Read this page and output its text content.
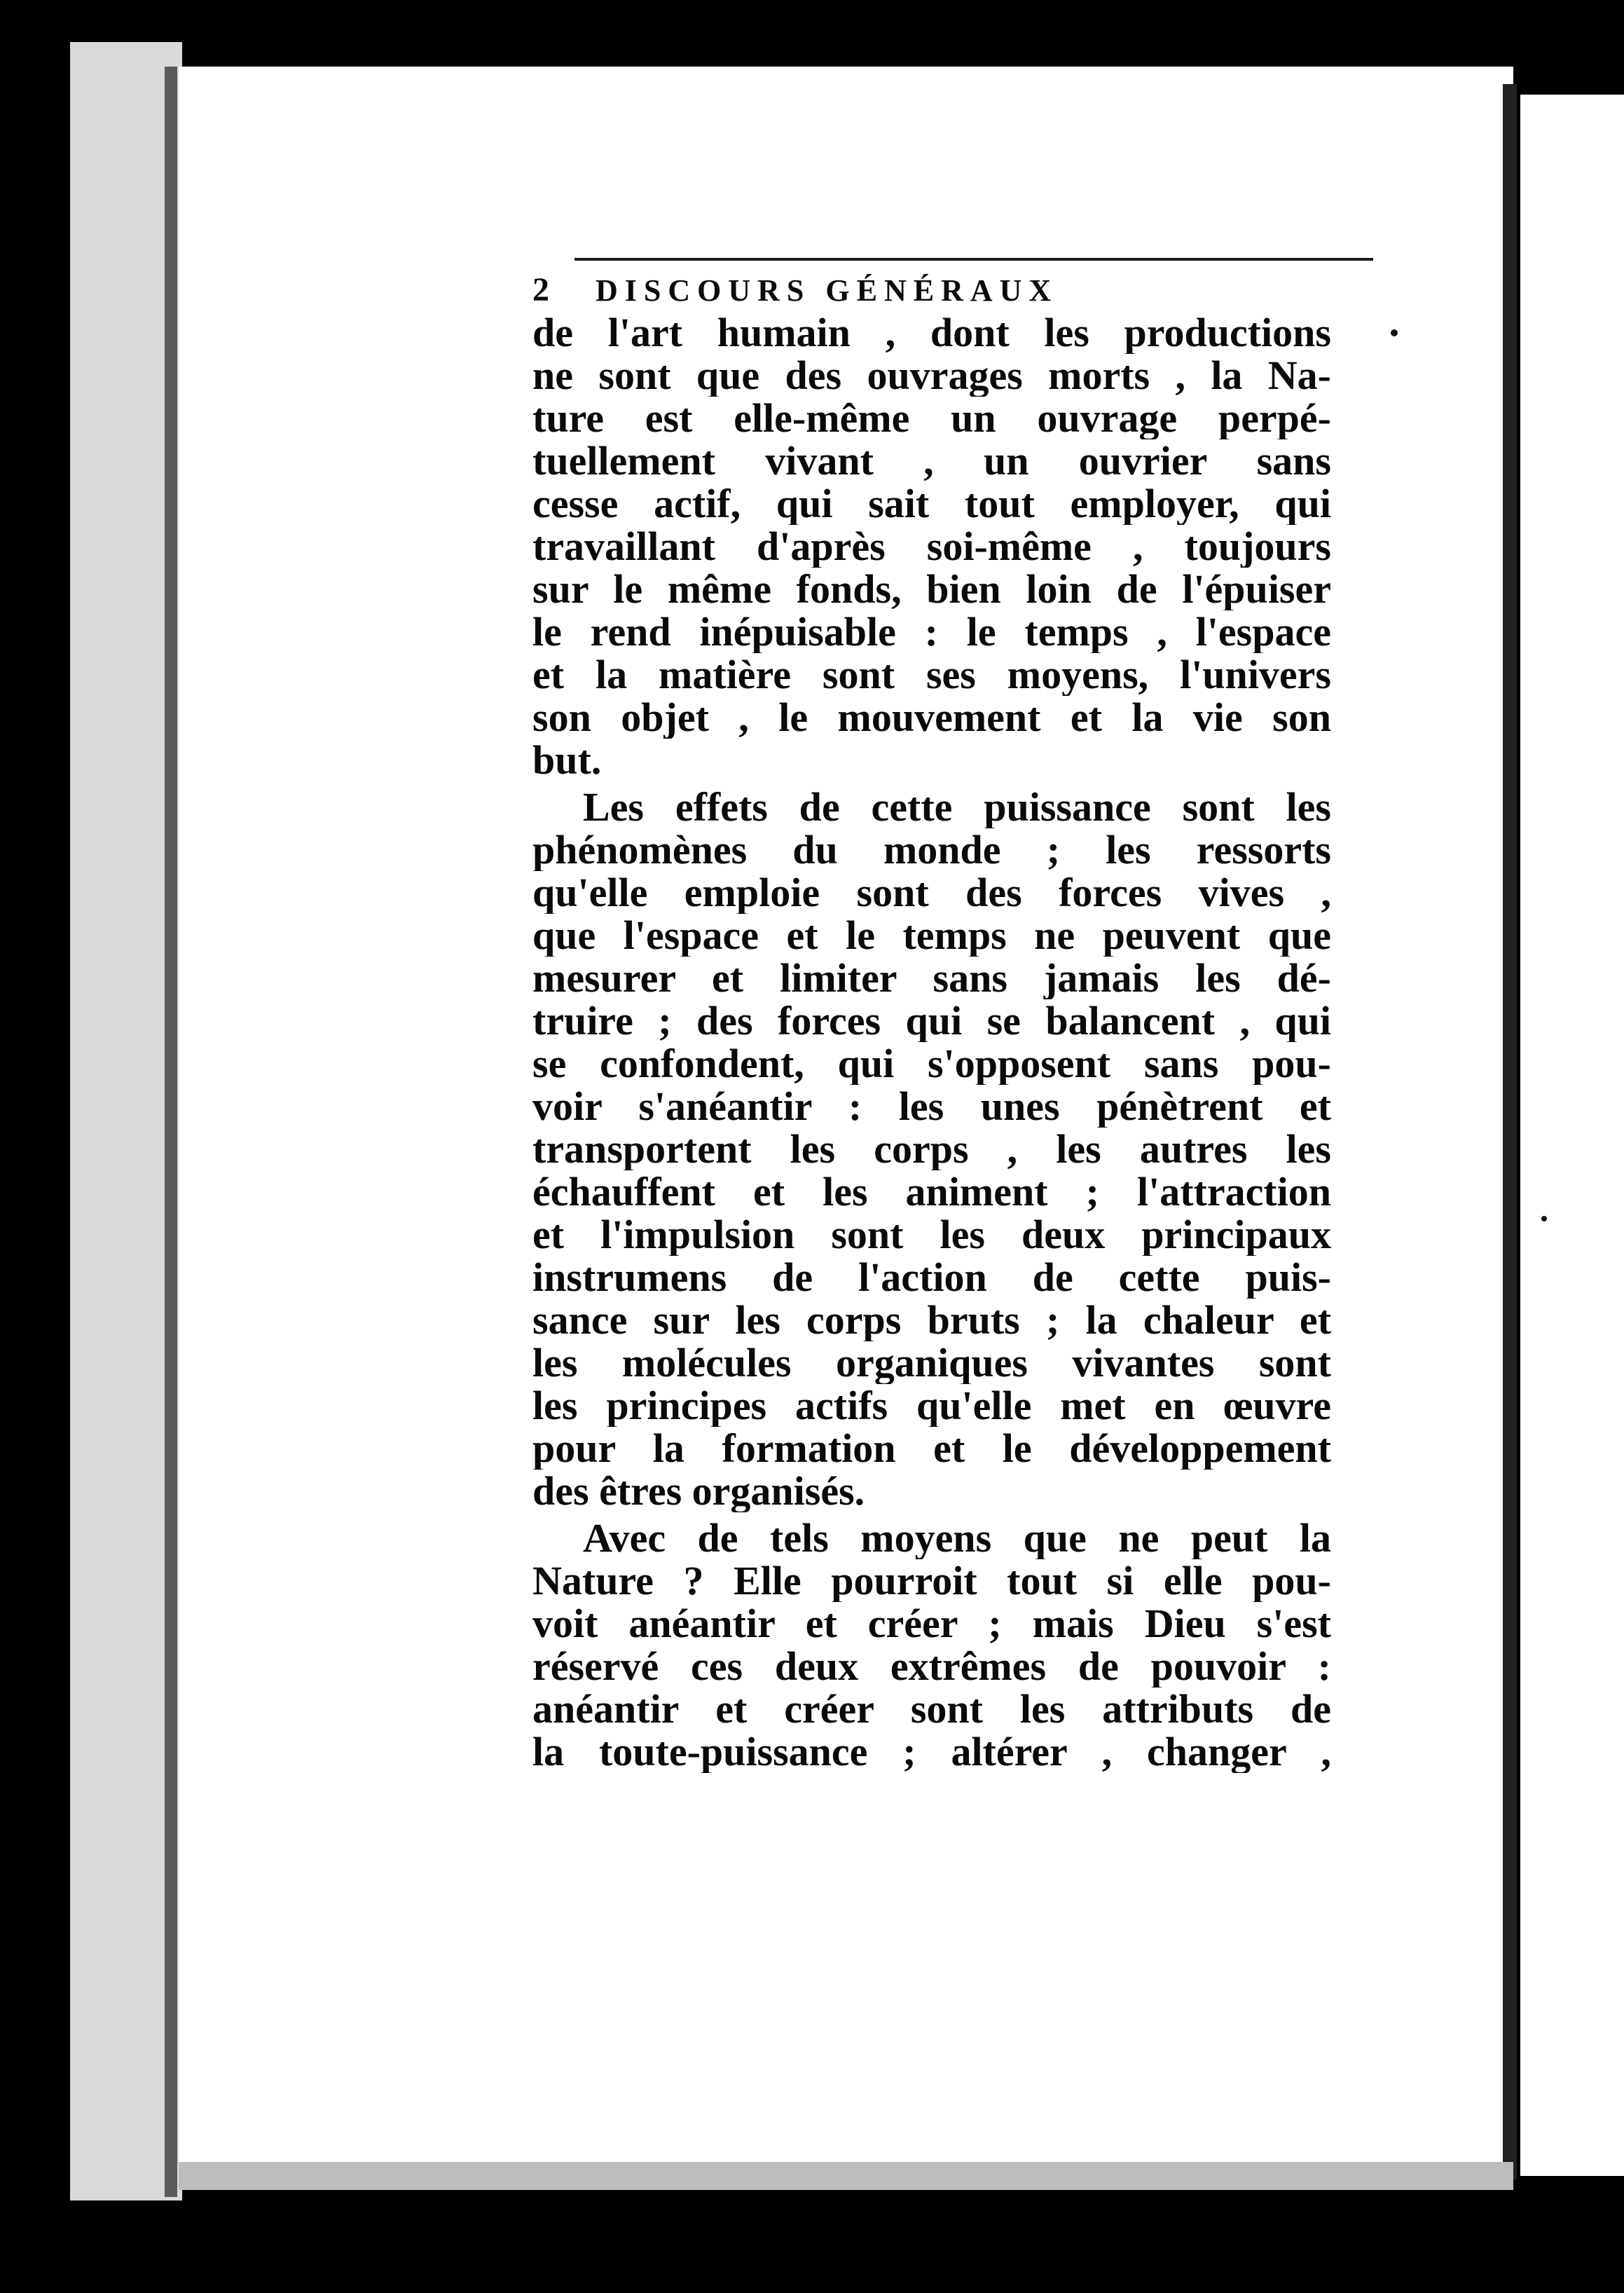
2	DISCOURS GÉNÉRAUX
de l'art humain , dont les productions
ne sont que des ouvrages morts , la Na-
ture est elle-même un ouvrage perpé-
tuellement vivant , un ouvrier sans
cesse actif, qui sait tout employer, qui
travaillant d'après soi-même , toujours
sur le même fonds, bien loin de l'épuiser
le rend inépuisable : le temps , l'espace
et la matière sont ses moyens, l'univers
son objet , le mouvement et la vie son
but.
Les effets de cette puissance sont les
phénomènes du monde ; les ressorts
qu'elle emploie sont des forces vives ,
que l'espace et le temps ne peuvent que
mesurer et limiter sans jamais les dé-
truire ; des forces qui se balancent , qui
se confondent, qui s'opposent sans pou-
voir s'anéantir : les unes pénètrent et
transportent les corps , les autres les
échauffent et les animent ; l'attraction
et l'impulsion sont les deux principaux
instrumens de l'action de cette puis-
sance sur les corps bruts ; la chaleur et
les molécules organiques vivantes sont
les principes actifs qu'elle met en œuvre
pour la formation et le développement
des êtres organisés.
Avec de tels moyens que ne peut la
Nature ? Elle pourroit tout si elle pou-
voit anéantir et créer ; mais Dieu s'est
réservé ces deux extrêmes de pouvoir :
anéantir et créer sont les attributs de
la toute-puissance ; altérer , changer ,
